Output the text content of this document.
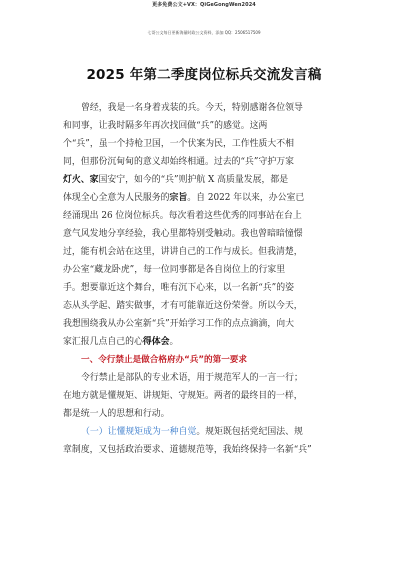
更多免费公文+VX：QiGeGongWen2024
七哥公文每日更新海量时政公文资料，添加 QQ：2506517509
2025 年第二季度岗位标兵交流发言稿
曾经，我是一名身着戎装的兵。今天，特别感谢各位领导
和同事，让我时隔多年再次找回做“兵”的感觉。这两
个“兵”，虽一个持枪卫国，一个伏案为民，工作性质大不相
同，但那份沉甸甸的意义却始终相通。过去的“兵”守护万家
灯火、家国安宁，如今的“兵”则护航 X 高质量发展，都是
体现全心全意为人民服务的宗旨。自 2022 年以来，办公室已
经涌现出 26 位岗位标兵。每次看着这些优秀的同事站在台上
意气风发地分享经验，我心里都特别受触动。我也曾暗暗憧憬
过，能有机会站在这里，讲讲自己的工作与成长。但我清楚，
办公室“藏龙卧虎”，每一位同事都是各自岗位上的行家里
手。想要靠近这个舞台，唯有沉下心来，以一名新“兵”的姿
态从头学起、踏实做事，才有可能靠近这份荣誉。所以今天，
我想围绕我从办公室新“兵”开始学习工作的点点滴滴，向大
家汇报几点自己的心得体会。
一、令行禁止是做合格府办“兵”的第一要求
令行禁止是部队的专业术语，用于规范军人的一言一行；
在地方就是懂规矩、讲规矩、守规矩。两者的最终目的一样，
都是统一人的思想和行动。
（一）让懂规矩成为一种自觉。规矩既包括党纪国法、规
章制度，又包括政治要求、道德规范等，我始终保持一名新“兵”
